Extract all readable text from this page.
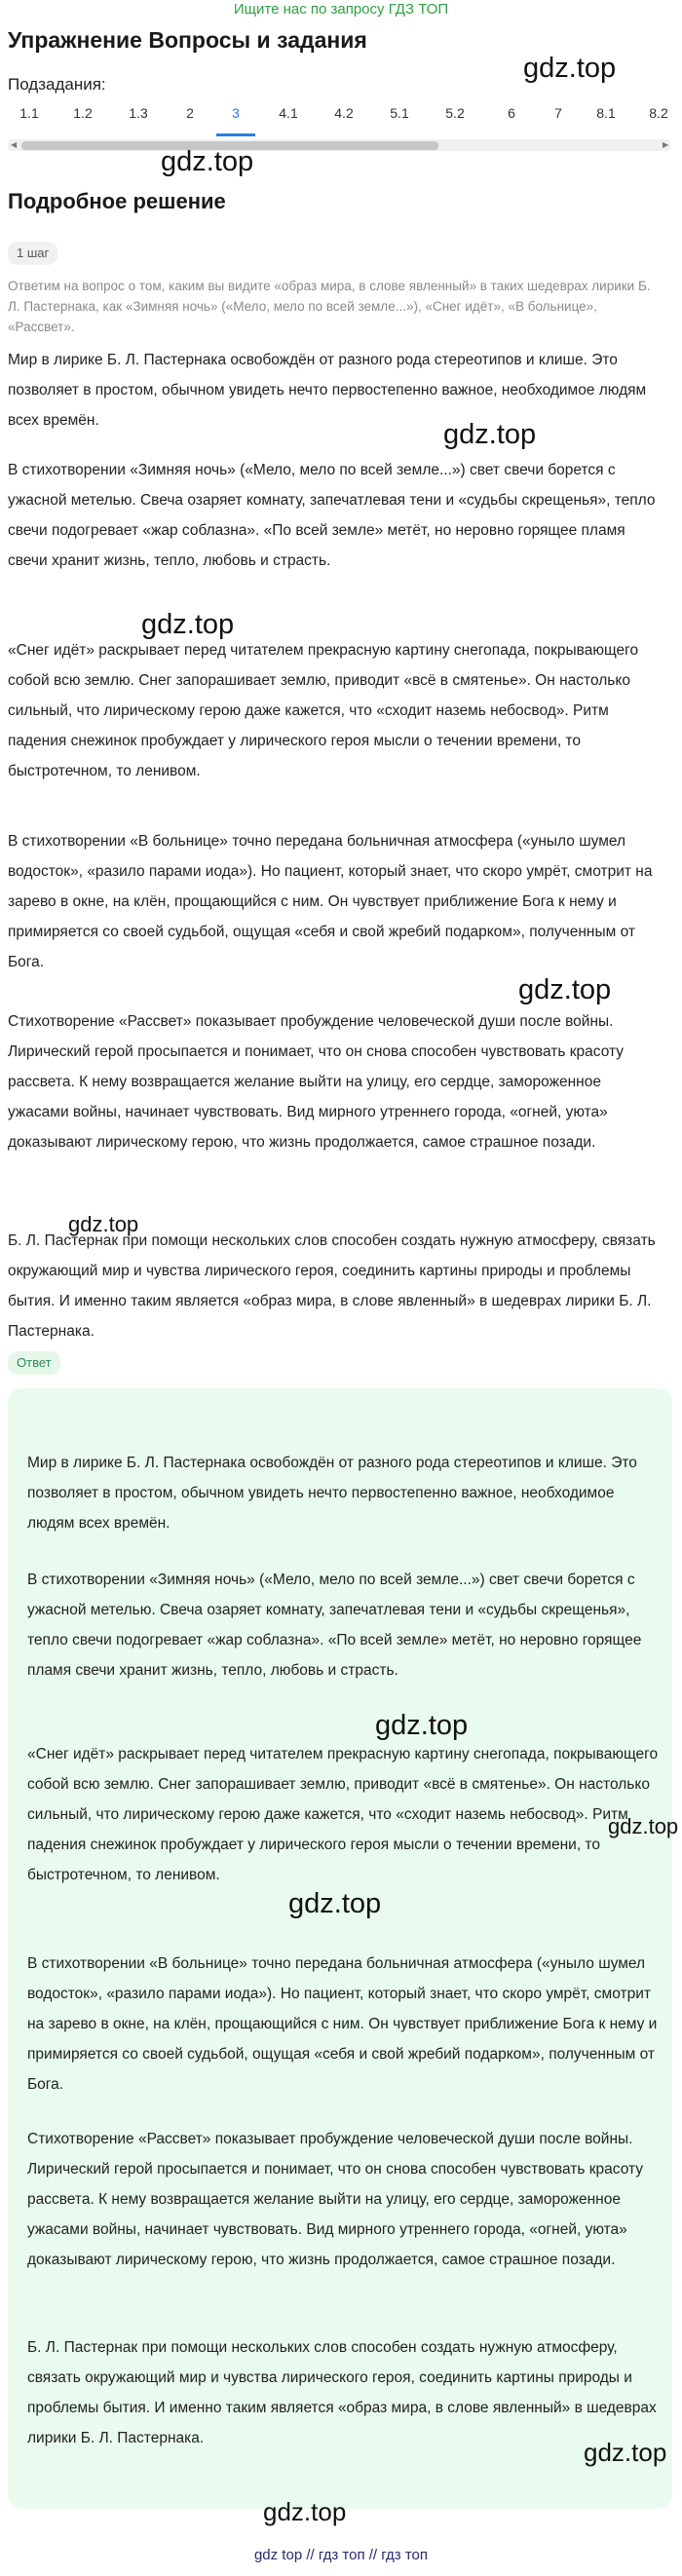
Ищите нас по запросу ГДЗ ТОП
Упражнение Вопросы и задания
gdz.top
Подзадания:
1.1	1.2	1.3	2	3	4.1	4.2	5.1	5.2	6	7	8.1	8.2
◀	▶
gdz.top
Подробное решение
1 шаг
Ответим на вопрос о том, каким вы видите «образ мира, в слове явленный» в таких шедеврах лирики Б. Л. Пастернака, как «Зимняя ночь» («Мело, мело по всей земле...»), «Снег идёт», «В больнице», «Рассвет».
Мир в лирике Б. Л. Пастернака освобождён от разного рода стереотипов и клише. Это позволяет в простом, обычном увидеть нечто первостепенно важное, необходимое людям всех времён.	gdz.top
В стихотворении «Зимняя ночь» («Мело, мело по всей земле...») свет свечи борется с ужасной метелью. Свеча озаряет комнату, запечатлевая тени и «судьбы скрещенья», тепло свечи подогревает «жар соблазна». «По всей земле» метёт, но неровно горящее пламя свечи хранит жизнь, тепло, любовь и страсть.
gdz.top
«Снег идёт» раскрывает перед читателем прекрасную картину снегопада, покрывающего собой всю землю. Снег запорашивает землю, приводит «всё в смятенье». Он настолько сильный, что лирическому герою даже кажется, что «сходит наземь небосвод». Ритм падения снежинок пробуждает у лирического героя мысли о течении времени, то быстротечном, то ленивом.
В стихотворении «В больнице» точно передана больничная атмосфера («уныло шумел водосток», «разило парами иода»). Но пациент, который знает, что скоро умрёт, смотрит на зарево в окне, на клён, прощающийся с ним. Он чувствует приближение Бога к нему и примиряется со своей судьбой, ощущая «себя и свой жребий подарком», полученным от Бога.
gdz.top
Стихотворение «Рассвет» показывает пробуждение человеческой души после войны. Лирический герой просыпается и понимает, что он снова способен чувствовать красоту рассвета. К нему возвращается желание выйти на улицу, его сердце, замороженное ужасами войны, начинает чувствовать. Вид мирного утреннего города, «огней, уюта» доказывают лирическому герою, что жизнь продолжается, самое страшное позади.
gdz.top
Б. Л. Пастернак при помощи нескольких слов способен создать нужную атмосферу, связать окружающий мир и чувства лирического героя, соединить картины природы и проблемы бытия. И именно таким является «образ мира, в слове явленный» в шедеврах лирики Б. Л. Пастернака.
Ответ
Мир в лирике Б. Л. Пастернака освобождён от разного рода стереотипов и клише. Это позволяет в простом, обычном увидеть нечто первостепенно важное, необходимое людям всех времён.
В стихотворении «Зимняя ночь» («Мело, мело по всей земле...») свет свечи борется с ужасной метелью. Свеча озаряет комнату, запечатлевая тени и «судьбы скрещенья», тепло свечи подогревает «жар соблазна». «По всей земле» метёт, но неровно горящее пламя свечи хранит жизнь, тепло, любовь и страсть.
gdz.top
«Снег идёт» раскрывает перед читателем прекрасную картину снегопада, покрывающего собой всю землю. Снег запорашивает землю, приводит «всё в смятенье». Он настолько сильный, что лирическому герою даже кажется, что «сходит наземь небосвод». Ритм падения снежинок пробуждает у лирического героя мысли о течении времени, то быстротечном, то ленивом.
gdz.top
В стихотворении «В больнице» точно передана больничная атмосфера («уныло шумел водосток», «разило парами иода»). Но пациент, который знает, что скоро умрёт, смотрит на зарево в окне, на клён, прощающийся с ним. Он чувствует приближение Бога к нему и примиряется со своей судьбой, ощущая «себя и свой жребий подарком», полученным от Бога.
Стихотворение «Рассвет» показывает пробуждение человеческой души после войны. Лирический герой просыпается и понимает, что он снова способен чувствовать красоту рассвета. К нему возвращается желание выйти на улицу, его сердце, замороженное ужасами войны, начинает чувствовать. Вид мирного утреннего города, «огней, уюта» доказывают лирическому герою, что жизнь продолжается, самое страшное позади.
Б. Л. Пастернак при помощи нескольких слов способен создать нужную атмосферу, связать окружающий мир и чувства лирического героя, соединить картины природы и проблемы бытия. И именно таким является «образ мира, в слове явленный» в шедеврах лирики Б. Л. Пастернака.
gdz.top
gdz.top
gdz.top
gdz top // гдз топ // гдз топ
